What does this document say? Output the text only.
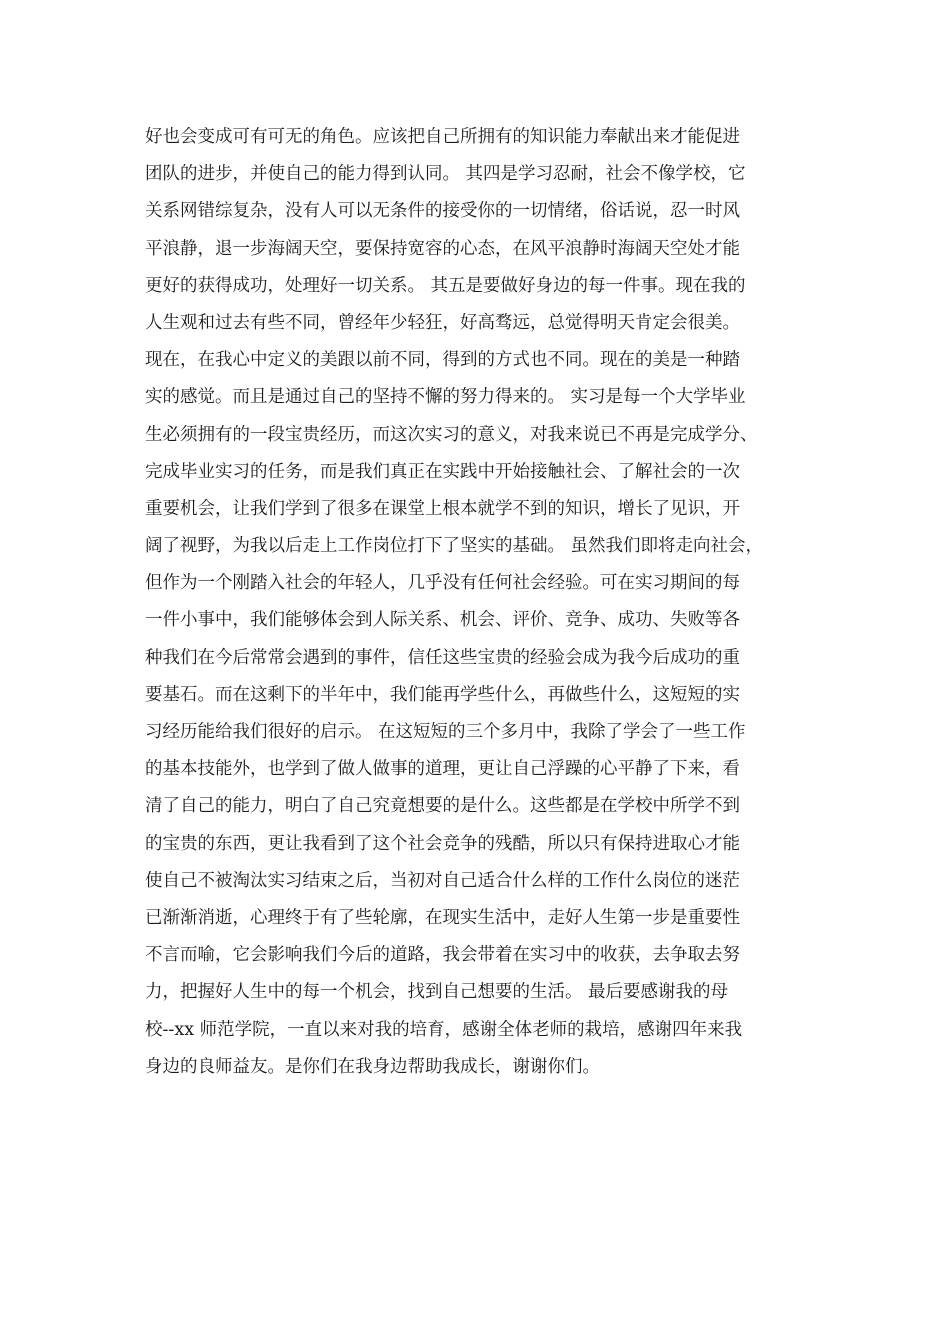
好也会变成可有可无的角色。应该把自己所拥有的知识能力奉献出来才能促进
团队的进步，并使自己的能力得到认同。 其四是学习忍耐，社会不像学校，它
关系网错综复杂，没有人可以无条件的接受你的一切情绪，俗话说，忍一时风
平浪静，退一步海阔天空，要保持宽容的心态，在风平浪静时海阔天空处才能
更好的获得成功，处理好一切关系。 其五是要做好身边的每一件事。现在我的
人生观和过去有些不同，曾经年少轻狂，好高骛远，总觉得明天肯定会很美。
现在，在我心中定义的美跟以前不同，得到的方式也不同。现在的美是一种踏
实的感觉。而且是通过自己的坚持不懈的努力得来的。 实习是每一个大学毕业
生必须拥有的一段宝贵经历，而这次实习的意义，对我来说已不再是完成学分、
完成毕业实习的任务，而是我们真正在实践中开始接触社会、了解社会的一次
重要机会，让我们学到了很多在课堂上根本就学不到的知识，增长了见识，开
阔了视野，为我以后走上工作岗位打下了坚实的基础。 虽然我们即将走向社会，
但作为一个刚踏入社会的年轻人，几乎没有任何社会经验。可在实习期间的每
一件小事中，我们能够体会到人际关系、机会、评价、竞争、成功、失败等各
种我们在今后常常会遇到的事件，信任这些宝贵的经验会成为我今后成功的重
要基石。而在这剩下的半年中，我们能再学些什么，再做些什么，这短短的实
习经历能给我们很好的启示。 在这短短的三个多月中，我除了学会了一些工作
的基本技能外，也学到了做人做事的道理，更让自己浮躁的心平静了下来，看
清了自己的能力，明白了自己究竟想要的是什么。这些都是在学校中所学不到
的宝贵的东西，更让我看到了这个社会竞争的残酷，所以只有保持进取心才能
使自己不被淘汰实习结束之后，当初对自己适合什么样的工作什么岗位的迷茫
已渐渐消逝，心理终于有了些轮廓，在现实生活中，走好人生第一步是重要性
不言而喻，它会影响我们今后的道路，我会带着在实习中的收获，去争取去努
力，把握好人生中的每一个机会，找到自己想要的生活。 最后要感谢我的母
校--xx 师范学院，一直以来对我的培育，感谢全体老师的栽培，感谢四年来我
身边的良师益友。是你们在我身边帮助我成长，谢谢你们。
